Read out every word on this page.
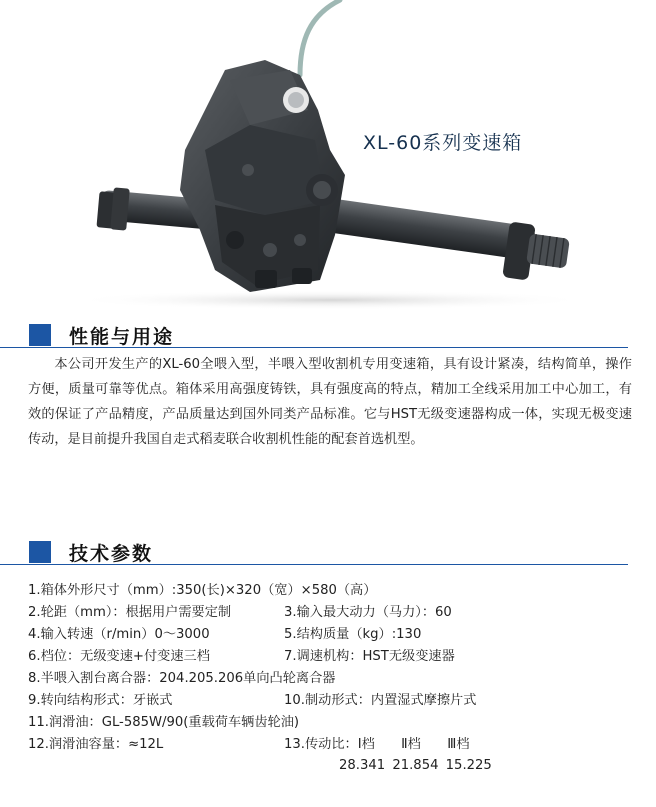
XL-60系列变速箱
性能与用途
本公司开发生产的XL-60全喂入型，半喂入型收割机专用变速箱，具有设计紧凑，结构简单，操作方便，质量可靠等优点。箱体采用高强度铸铁，具有强度高的特点，精加工全线采用加工中心加工，有效的保证了产品精度，产品质量达到国外同类产品标准。它与HST无级变速器构成一体，实现无极变速传动，是目前提升我国自走式稻麦联合收割机性能的配套首选机型。
技术参数
1.箱体外形尺寸（mm）:350(长)×320（宽）×580（高）
2.轮距（mm）：根据用户需要定制	3.输入最大动力（马力）：60
4.输入转速（r/min）0～3000	5.结构质量（kg）:130
6.档位：无级变速+付变速三档	7.调速机构：HST无级变速器
8.半喂入割台离合器：204.205.206单向凸轮离合器
9.转向结构形式：牙嵌式	10.制动形式：内置湿式摩擦片式
11.润滑油：GL-585W/90(重载荷车辆齿轮油)
12.润滑油容量：≈12L	13.传动比：Ⅰ档　　Ⅱ档　　Ⅲ档
28.341 21.854 15.225
